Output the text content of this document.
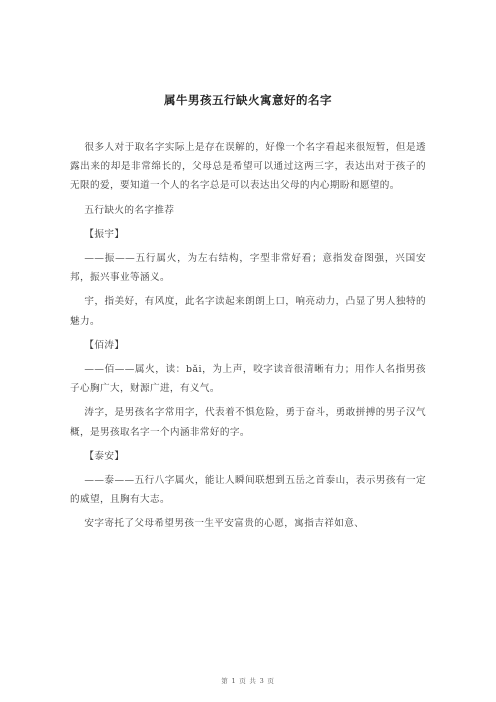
属牛男孩五行缺火寓意好的名字

很多人对于取名字实际上是存在误解的，好像一个名字看起来很短暂，但是透露出来的却是非常绵长的，父母总是希望可以通过这两三字，表达出对于孩子的无限的爱，要知道一个人的名字总是可以表达出父母的内心期盼和愿望的。

五行缺火的名字推荐

【振宇】

——振——五行属火，为左右结构，字型非常好看；意指发奋图强，兴国安邦，振兴事业等涵义。

宇，指美好，有风度，此名字读起来朗朗上口，响亮动力，凸显了男人独特的魅力。

【佰涛】

——佰——属火，读：bǎi，为上声，咬字读音很清晰有力；用作人名指男孩子心胸广大，财源广进，有义气。

涛字，是男孩名字常用字，代表着不惧危险，勇于奋斗，勇敢拼搏的男子汉气概，是男孩取名字一个内涵非常好的字。

【泰安】

——泰——五行八字属火，能让人瞬间联想到五岳之首泰山，表示男孩有一定的威望，且胸有大志。

安字寄托了父母希望男孩一生平安富贵的心愿，寓指吉祥如意、

第 1 页 共 3 页
